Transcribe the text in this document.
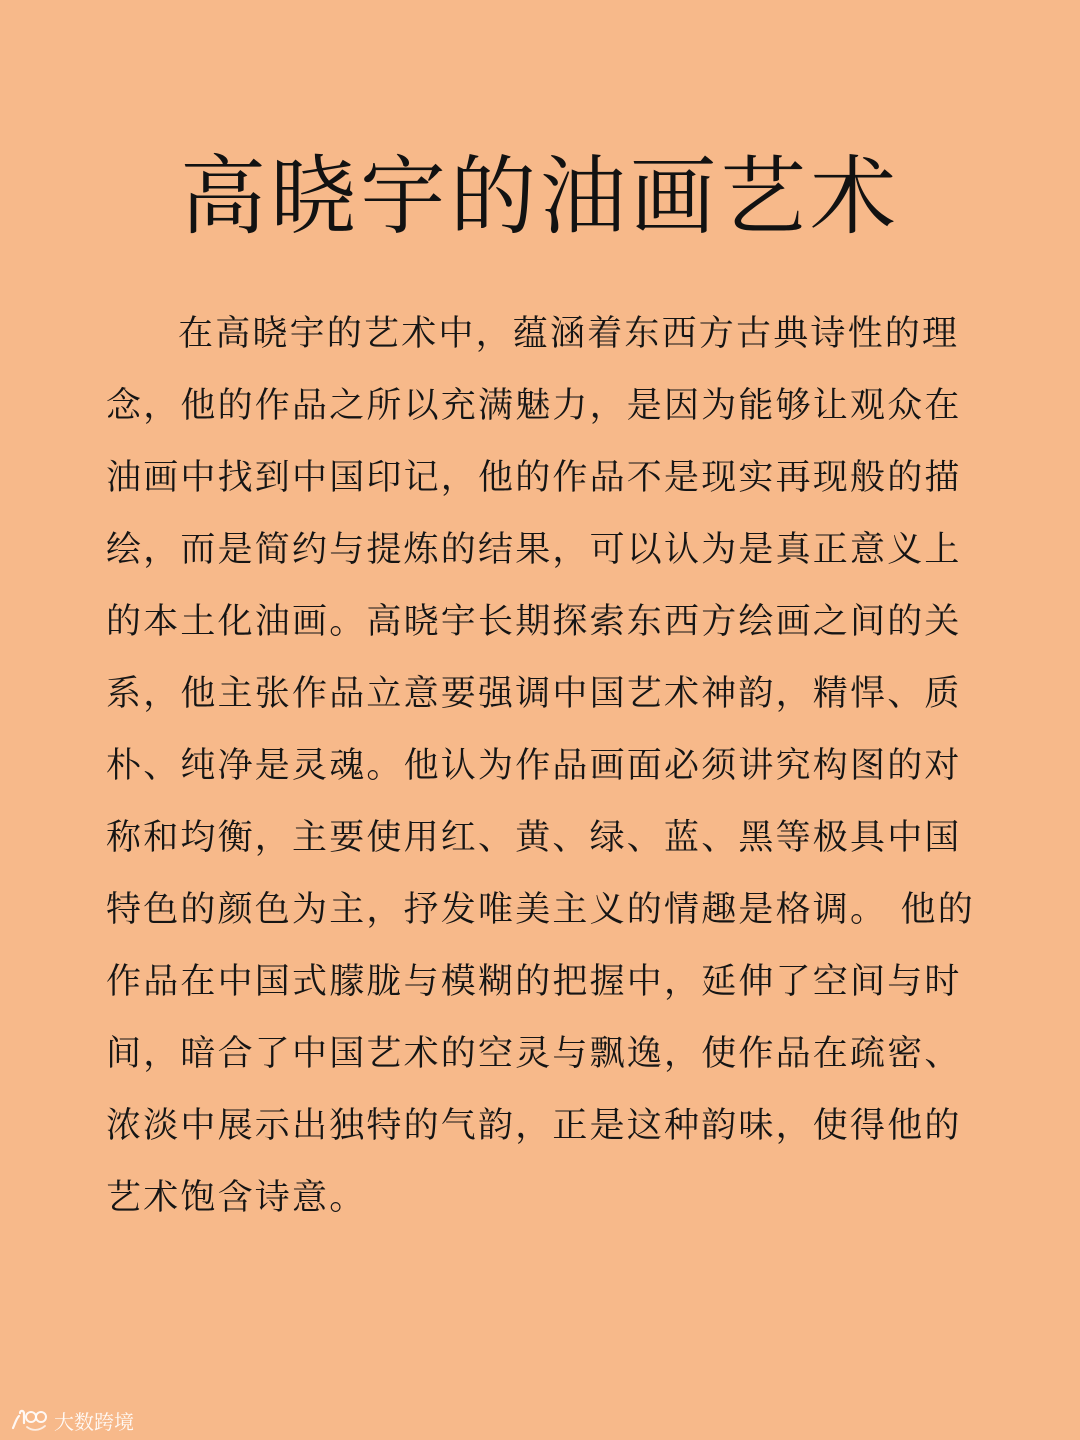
高晓宇的油画艺术
在高晓宇的艺术中，蕴涵着东西方古典诗性的理
念，他的作品之所以充满魅力，是因为能够让观众在
油画中找到中国印记，他的作品不是现实再现般的描
绘，而是简约与提炼的结果，可以认为是真正意义上
的本土化油画。高晓宇长期探索东西方绘画之间的关
系，他主张作品立意要强调中国艺术神韵，精悍、质
朴、纯净是灵魂。他认为作品画面必须讲究构图的对
称和均衡，主要使用红、黄、绿、蓝、黑等极具中国
特色的颜色为主，抒发唯美主义的情趣是格调。 他的
作品在中国式朦胧与模糊的把握中，延伸了空间与时
间，暗合了中国艺术的空灵与飘逸，使作品在疏密、
浓淡中展示出独特的气韵，正是这种韵味，使得他的
艺术饱含诗意。
大数跨境
